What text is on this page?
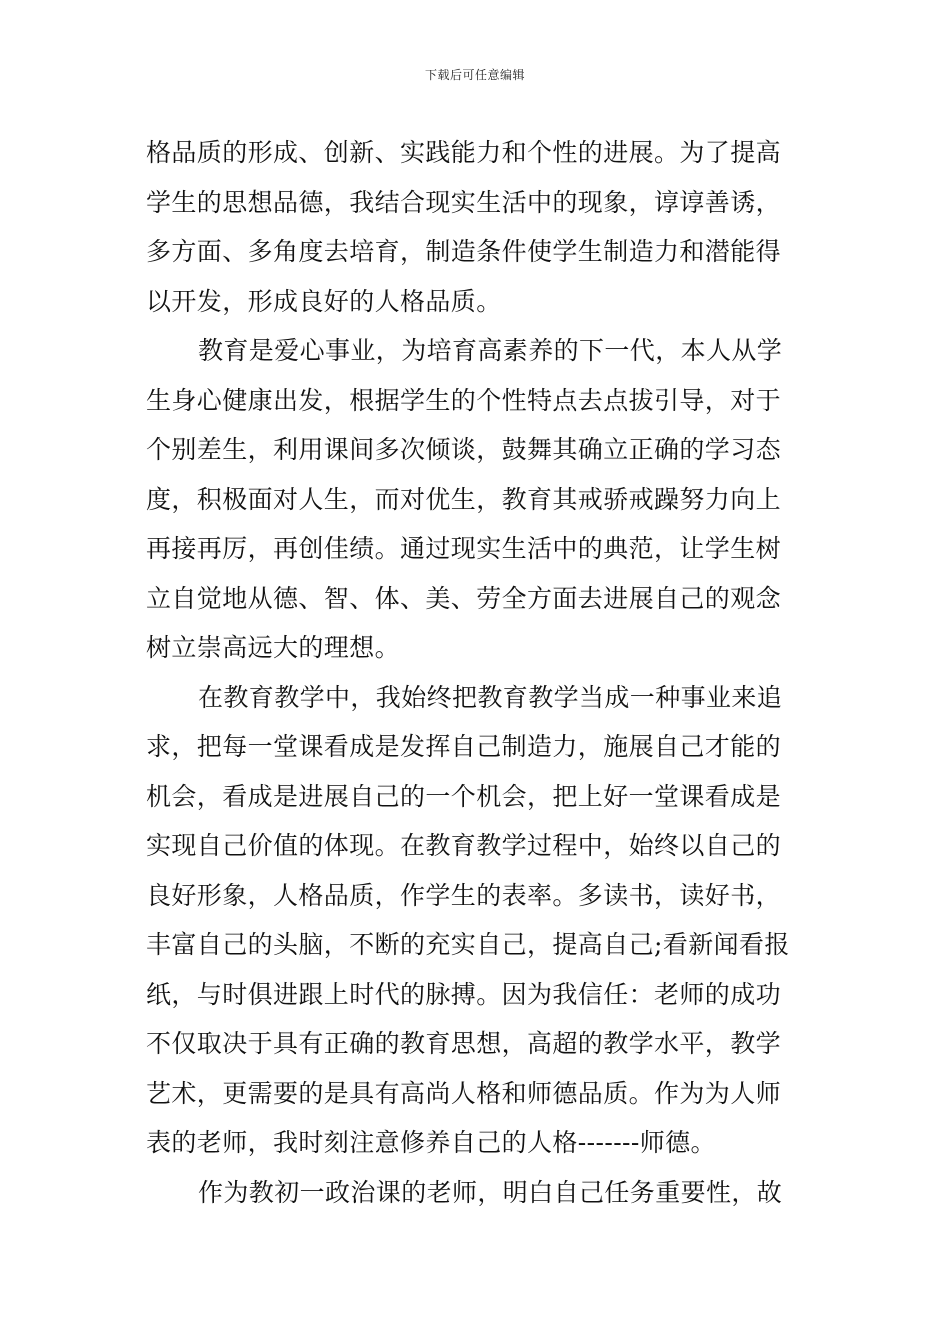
下载后可任意编辑
格品质的形成、创新、实践能力和个性的进展。为了提高
学生的思想品德，我结合现实生活中的现象，谆谆善诱，
多方面、多角度去培育，制造条件使学生制造力和潜能得
以开发，形成良好的人格品质。
教育是爱心事业，为培育高素养的下一代，本人从学
生身心健康出发，根据学生的个性特点去点拔引导，对于
个别差生，利用课间多次倾谈，鼓舞其确立正确的学习态
度，积极面对人生，而对优生，教育其戒骄戒躁努力向上
再接再厉，再创佳绩。通过现实生活中的典范，让学生树
立自觉地从德、智、体、美、劳全方面去进展自己的观念
树立崇高远大的理想。
在教育教学中，我始终把教育教学当成一种事业来追
求，把每一堂课看成是发挥自己制造力，施展自己才能的
机会，看成是进展自己的一个机会，把上好一堂课看成是
实现自己价值的体现。在教育教学过程中，始终以自己的
良好形象，人格品质，作学生的表率。多读书，读好书，
丰富自己的头脑，不断的充实自己，提高自己;看新闻看报
纸，与时俱进跟上时代的脉搏。因为我信任：老师的成功
不仅取决于具有正确的教育思想，高超的教学水平，教学
艺术，更需要的是具有高尚人格和师德品质。作为为人师
表的老师，我时刻注意修养自己的人格-------师德。
作为教初一政治课的老师，明白自己任务重要性，故
